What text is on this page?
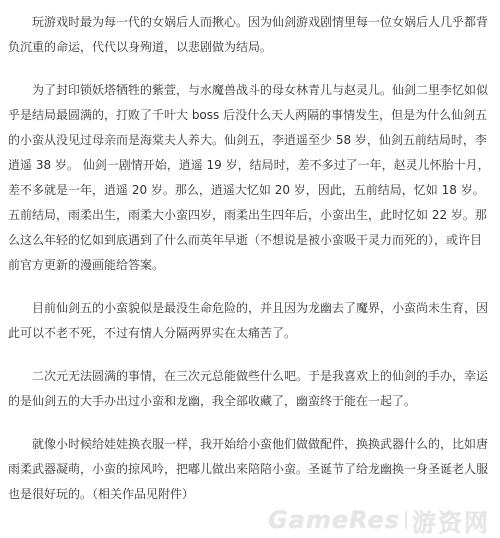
玩游戏时最为每一代的女娲后人而揪心。因为仙剑游戏剧情里每一位女娲后人几乎都背负沉重的命运，代代以身殉道，以悲剧做为结局。

为了封印锁妖塔牺牲的紫萱，与水魔兽战斗的母女林青儿与赵灵儿。仙剑二里李忆如似乎是结局最圆满的，打败了千叶大 boss 后没什么天人两隔的事情发生，但是为什么仙剑五的小蛮从没见过母亲而是海棠夫人养大。仙剑五，李逍遥至少 58 岁，仙剑五前结局时，李逍遥 38 岁。 仙剑一剧情开始，逍遥 19 岁，结局时，差不多过了一年，赵灵儿怀胎十月，差不多就是一年，逍遥 20 岁。那么，逍遥大忆如 20 岁，因此，五前结局，忆如 18 岁。 五前结局，雨柔出生，雨柔大小蛮四岁，雨柔出生四年后，小蛮出生，此时忆如 22 岁。那么这么年轻的忆如到底遇到了什么而英年早逝（不想说是被小蛮吸干灵力而死的），或许目前官方更新的漫画能给答案。

目前仙剑五的小蛮貌似是最没生命危险的，并且因为龙幽去了魔界，小蛮尚未生育，因此可以不老不死，不过有情人分隔两界实在太痛苦了。

二次元无法圆满的事情，在三次元总能做些什么吧。于是我喜欢上的仙剑的手办，幸运的是仙剑五的大手办出过小蛮和龙幽，我全部收藏了，幽蛮终于能在一起了。

就像小时候给娃娃换衣服一样，我开始给小蛮他们做做配件，换换武器什么的，比如唐雨柔武器凝萌，小蛮的掠风吟，把嘟儿做出来陪陪小蛮。圣诞节了给龙幽换一身圣诞老人服也是很好玩的。（相关作品见附件）

GameRes 游资网
